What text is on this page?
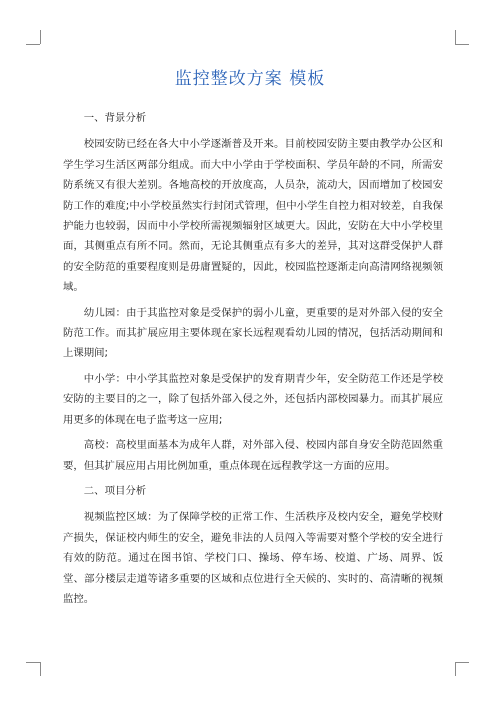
监控整改方案 模板

一、背景分析

校园安防已经在各大中小学逐渐普及开来。目前校园安防主要由教学办公区和学生学习生活区两部分组成。而大中小学由于学校面积、学员年龄的不同，所需安防系统又有很大差别。各地高校的开放度高，人员杂，流动大，因而增加了校园安防工作的难度;中小学校虽然实行封闭式管理，但中小学生自控力相对较差，自我保护能力也较弱，因而中小学校所需视频辐射区域更大。因此，安防在大中小学校里面，其侧重点有所不同。然而，无论其侧重点有多大的差异，其对这群受保护人群的安全防范的重要程度则是毋庸置疑的，因此，校园监控逐渐走向高清网络视频领域。

幼儿园：由于其监控对象是受保护的弱小儿童，更重要的是对外部入侵的安全防范工作。而其扩展应用主要体现在家长远程观看幼儿园的情况，包括活动期间和上课期间;

中小学：中小学其监控对象是受保护的发育期青少年，安全防范工作还是学校安防的主要目的之一，除了包括外部入侵之外，还包括内部校园暴力。而其扩展应用更多的体现在电子监考这一应用;

高校：高校里面基本为成年人群，对外部入侵、校园内部自身安全防范固然重要，但其扩展应用占用比例加重，重点体现在远程教学这一方面的应用。

二、项目分析

视频监控区域：为了保障学校的正常工作、生活秩序及校内安全，避免学校财产损失，保证校内师生的安全，避免非法的人员闯入等需要对整个学校的安全进行有效的防范。通过在图书馆、学校门口、操场、停车场、校道、广场、周界、饭堂、部分楼层走道等诸多重要的区域和点位进行全天候的、实时的、高清晰的视频监控。
